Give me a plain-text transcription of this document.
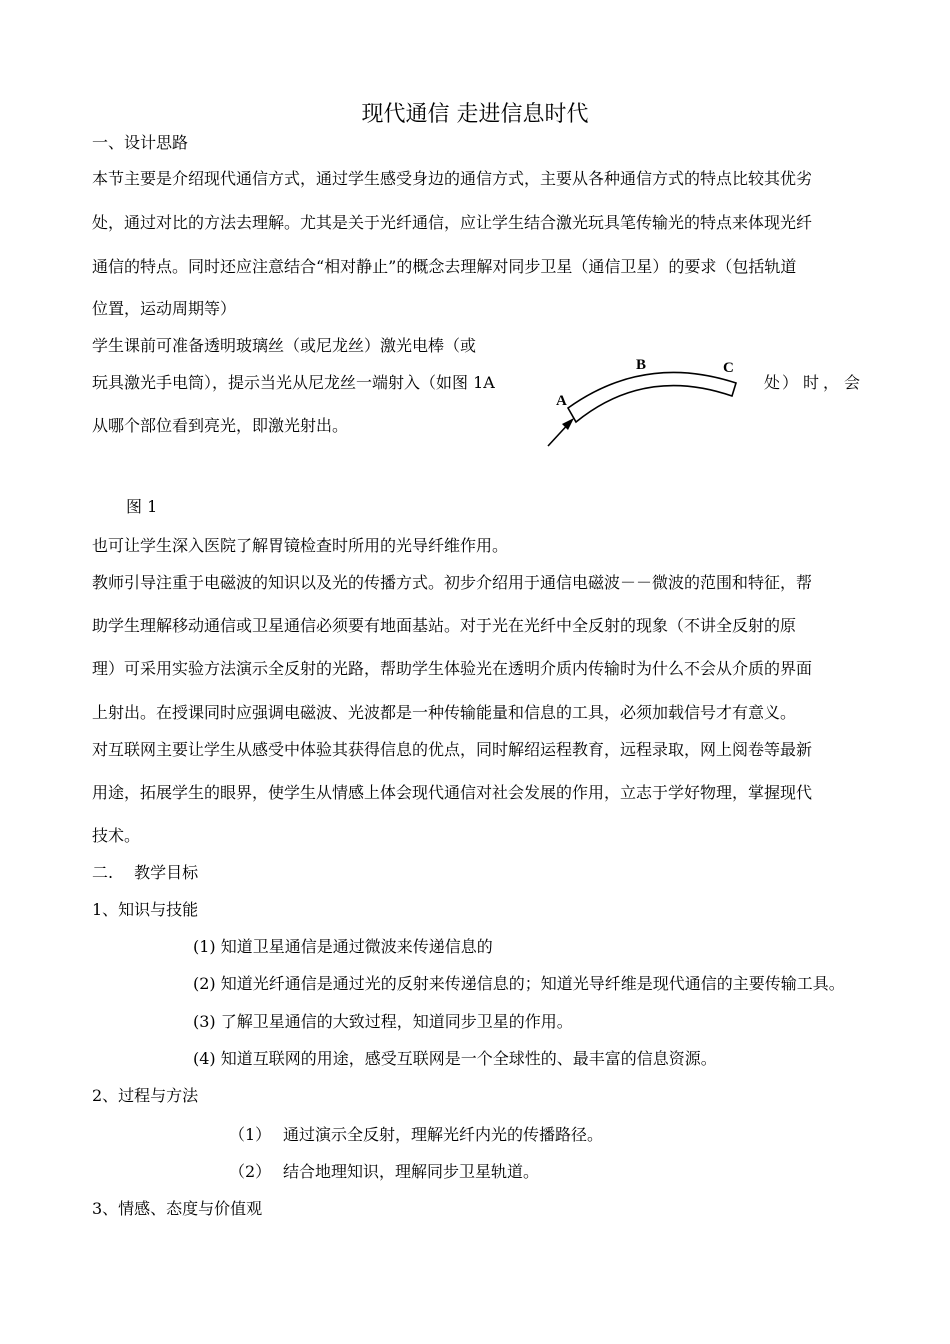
现代通信 走进信息时代
一、设计思路
本节主要是介绍现代通信方式，通过学生感受身边的通信方式，主要从各种通信方式的特点比较其优劣
处，通过对比的方法去理解。尤其是关于光纤通信，应让学生结合激光玩具笔传输光的特点来体现光纤
通信的特点。同时还应注意结合“相对静止”的概念去理解对同步卫星（通信卫星）的要求（包括轨道
位置，运动周期等）
学生课前可准备透明玻璃丝（或尼龙丝）激光电棒（或
玩具激光手电筒），提示当光从尼龙丝一端射入（如图 1A	处 ） 时 ， 会
从哪个部位看到亮光，即激光射出。
A
B	C
图 1
也可让学生深入医院了解胃镜检查时所用的光导纤维作用。
教师引导注重于电磁波的知识以及光的传播方式。初步介绍用于通信电磁波－－微波的范围和特征，帮
助学生理解移动通信或卫星通信必须要有地面基站。对于光在光纤中全反射的现象（不讲全反射的原
理）可采用实验方法演示全反射的光路，帮助学生体验光在透明介质内传输时为什么不会从介质的界面
上射出。在授课同时应强调电磁波、光波都是一种传输能量和信息的工具，必须加载信号才有意义。
对互联网主要让学生从感受中体验其获得信息的优点，同时解绍运程教育，远程录取，网上阅卷等最新
用途，拓展学生的眼界，使学生从情感上体会现代通信对社会发展的作用，立志于学好物理，掌握现代
技术。
二.　 教学目标
1、知识与技能
(1) 知道卫星通信是通过微波来传递信息的
(2) 知道光纤通信是通过光的反射来传递信息的；知道光导纤维是现代通信的主要传输工具。
(3) 了解卫星通信的大致过程，知道同步卫星的作用。
(4) 知道互联网的用途，感受互联网是一个全球性的、最丰富的信息资源。
2、过程与方法
（1） 通过演示全反射，理解光纤内光的传播路径。
（2） 结合地理知识，理解同步卫星轨道。
3、情感、态度与价值观
